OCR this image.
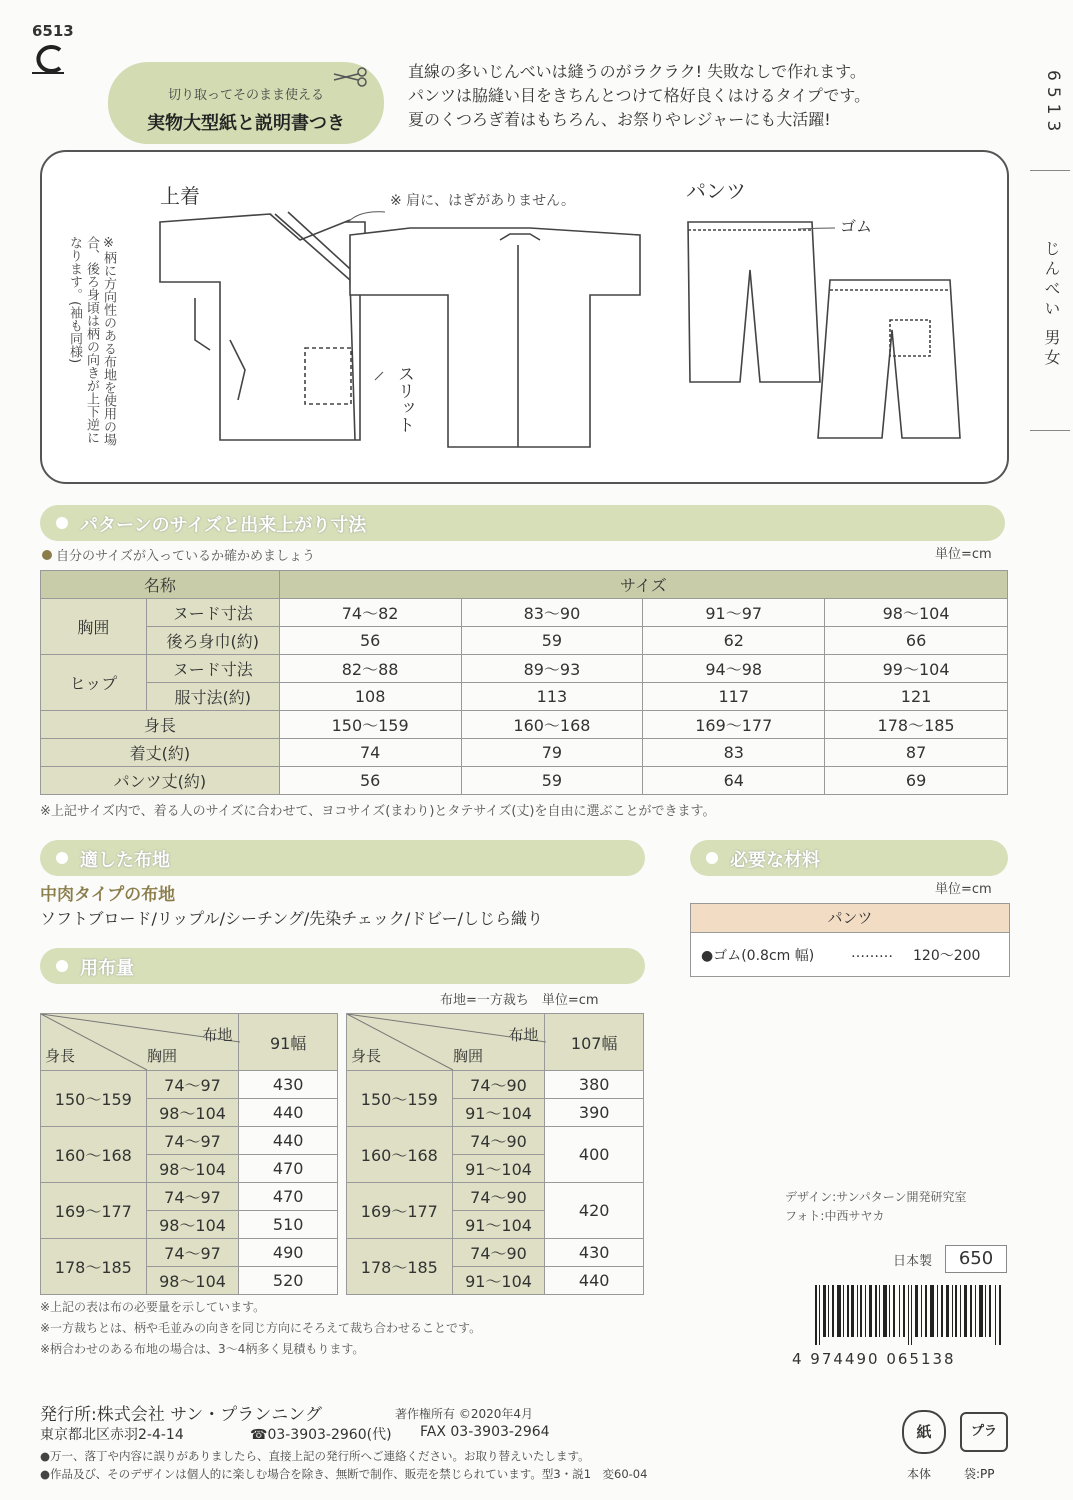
6513
切り取ってそのまま使える
実物大型紙と説明書つき
直線の多いじんべいは縫うのがラクラク! 失敗なしで作れます。
パンツは脇縫い目をきちんとつけて格好良くはけるタイプです。
夏のくつろぎ着はもちろん、お祭りやレジャーにも大活躍!	6513
じんべい 男女
上着	※ 肩に、はぎがありません。
※柄に方向性のある布地を使用の場合、後ろ身頃は柄の向きが上下逆になります。(袖も同様)
スリット
パンツ
ゴム
パターンのサイズと出来上がり寸法
自分のサイズが入っているか確かめましょう	単位=cm
名称		サイズ			
胸囲	ヌード寸法	74〜82	83〜90	91〜97	98〜104
	後ろ身巾(約)	56	59	62	66
ヒップ	ヌード寸法	82〜88	89〜93	94〜98	99〜104
	服寸法(約)	108	113	117	121
身長		150〜159	160〜168	169〜177	178〜185
着丈(約)		74	79	83	87
パンツ丈(約)		56	59	64	69
※上記サイズ内で、着る人のサイズに合わせて、ヨコサイズ(まわり)とタテサイズ(丈)を自由に選ぶことができます。
適した布地
中肉タイプの布地
ソフトブロード/リップル/シーチング/先染チェック/ドビー/しじら織り
必要な材料
単位=cm
パンツ
●ゴム(0.8cm 幅)	……… 120〜200
用布量
布地=一方裁ち　単位=cm
布地
身長 胸囲		91幅
150〜159	74〜97	430
	98〜104	440
160〜168	74〜97	440
	98〜104	470
169〜177	74〜97	470
	98〜104	510
178〜185	74〜97	490
	98〜104	520
布地
身長 胸囲		107幅
150〜159	74〜90	380
	91〜104	390
160〜168	74〜90	400
	91〜104	
169〜177	74〜90	420
	91〜104	
178〜185	74〜90	430
	91〜104	440
※上記の表は布の必要量を示しています。
※一方裁ちとは、柄や毛並みの向きを同じ方向にそろえて裁ち合わせることです。
※柄合わせのある布地の場合は、3〜4柄多く見積もります。
デザイン:サンパターン開発研究室
フォト:中西サヤカ
日本製	650
4 974490 065138
発行所:株式会社 サン・プランニング	著作権所有 ©2020年4月
東京都北区赤羽2-4-14	☎03-3903-2960(代) FAX 03-3903-2964
●万一、落丁や内容に誤りがありましたら、直接上記の発行所へご連絡ください。お取り替えいたします。
●作品及び、そのデザインは個人的に楽しむ場合を除き、無断で制作、販売を禁じられています。型3・説1　変60-04
紙
本体
プラ
袋:PP
